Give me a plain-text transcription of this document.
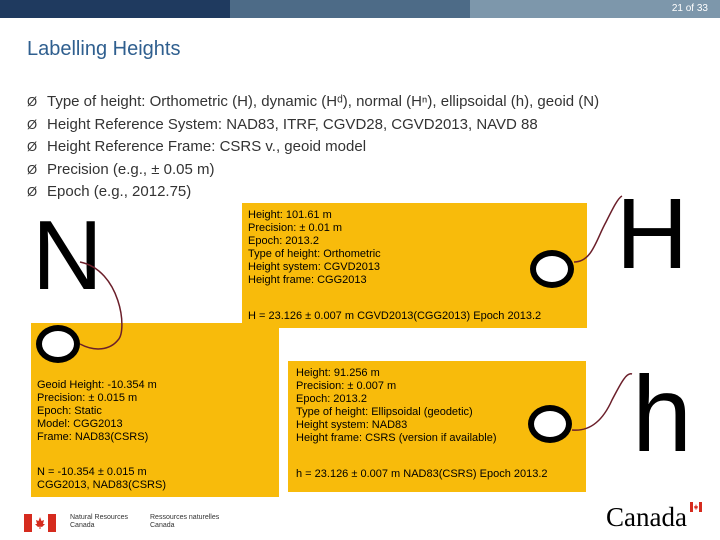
21 of 33
Labelling Heights
Ø Type of height: Orthometric (H), dynamic (Hᵈ), normal (Hⁿ), ellipsoidal (h), geoid (N)
Ø Height Reference System: NAD83, ITRF, CGVD28, CGVD2013, NAVD 88
Ø Height Reference Frame: CSRS v., geoid model
Ø Precision (e.g., ± 0.05 m)
Ø Epoch (e.g., 2012.75)
Height: 101.61 m
Precision: ± 0.01 m
Epoch: 2013.2
Type of height: Orthometric
Height system: CGVD2013
Height frame: CGG2013
H = 23.126 ± 0.007 m CGVD2013(CGG2013) Epoch 2013.2
Geoid Height: -10.354 m
Precision: ± 0.015 m
Epoch: Static
Model: CGG2013
Frame: NAD83(CSRS)
N = -10.354 ± 0.015 m
CGG2013, NAD83(CSRS)
Height: 91.256 m
Precision: ± 0.007 m
Epoch: 2013.2
Type of height: Ellipsoidal (geodetic)
Height system: NAD83
Height frame: CSRS (version if available)
h = 23.126 ± 0.007 m NAD83(CSRS) Epoch 2013.2
N	H
h
Natural Resources
Canada
Ressources naturelles
Canada	Canada
